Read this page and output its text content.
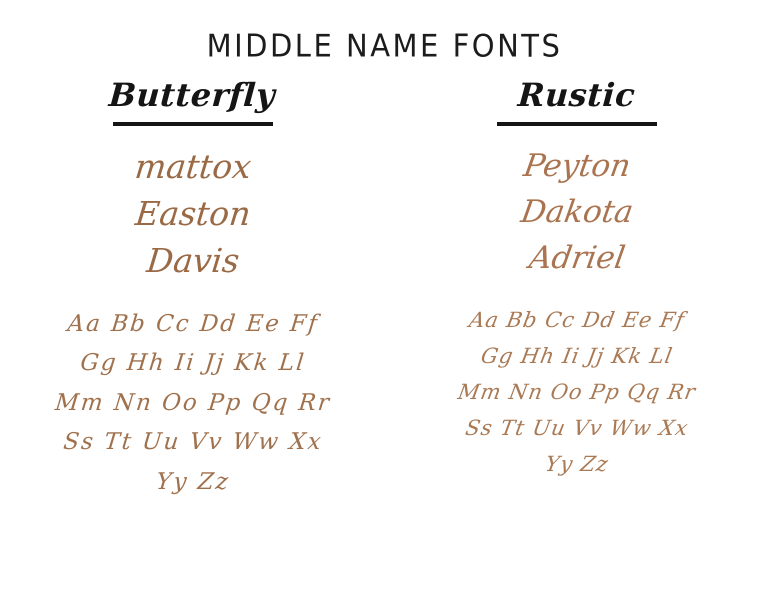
MIDDLE NAME FONTS
Butterfly
mattox
Easton
Davis
Aa Bb Cc Dd Ee Ff
Gg Hh Ii Jj Kk Ll
Mm Nn Oo Pp Qq Rr
Ss Tt Uu Vv Ww Xx
Yy Zz
Rustic
Peyton
Dakota
Adriel
Aa Bb Cc Dd Ee Ff
Gg Hh Ii Jj Kk Ll
Mm Nn Oo Pp Qq Rr
Ss Tt Uu Vv Ww Xx
Yy Zz
